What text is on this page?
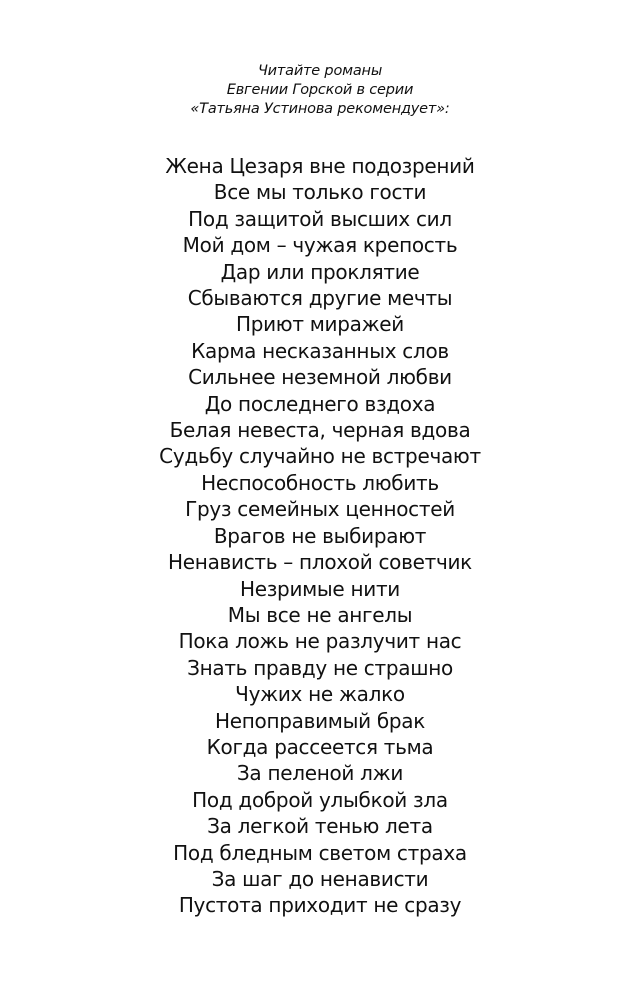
Читайте романы
Евгении Горской в серии
«Татьяна Устинова рекомендует»:
Жена Цезаря вне подозрений
Все мы только гости
Под защитой высших сил
Мой дом – чужая крепость
Дар или проклятие
Сбываются другие мечты
Приют миражей
Карма несказанных слов
Сильнее неземной любви
До последнего вздоха
Белая невеста, черная вдова
Судьбу случайно не встречают
Неспособность любить
Груз семейных ценностей
Врагов не выбирают
Ненависть – плохой советчик
Незримые нити
Мы все не ангелы
Пока ложь не разлучит нас
Знать правду не страшно
Чужих не жалко
Непоправимый брак
Когда рассеется тьма
За пеленой лжи
Под доброй улыбкой зла
За легкой тенью лета
Под бледным светом страха
За шаг до ненависти
Пустота приходит не сразу
